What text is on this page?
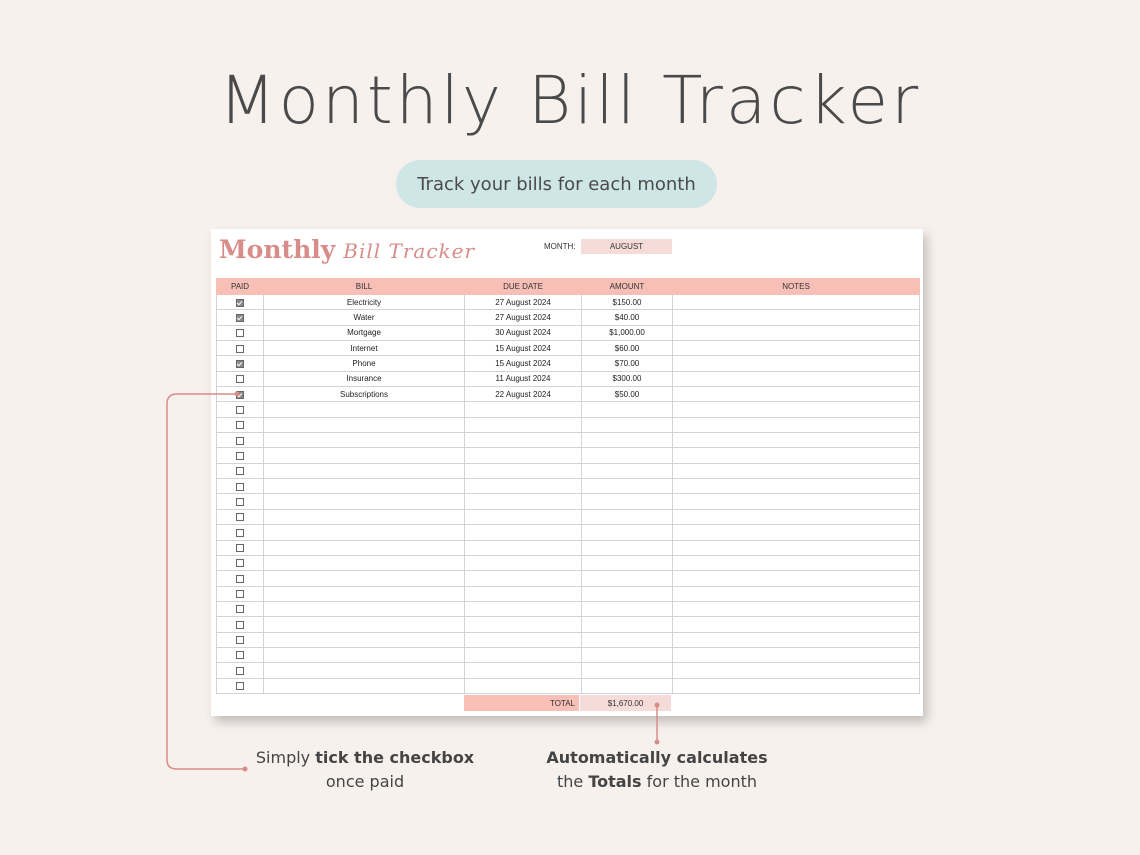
Monthly Bill Tracker
Track your bills for each month
Monthly Bill Tracker	MONTH:	AUGUST
PAID	BILL	DUE DATE	AMOUNT	NOTES
	Electricity	27 August 2024	$150.00	
	Water	27 August 2024	$40.00	
	Mortgage	30 August 2024	$1,000.00	
	Internet	15 August 2024	$60.00	
	Phone	15 August 2024	$70.00	
	Insurance	11 August 2024	$300.00	
	Subscriptions	22 August 2024	$50.00	

TOTAL	$1,670.00
Simply tick the checkbox
once paid
Automatically calculates
the Totals for the month
